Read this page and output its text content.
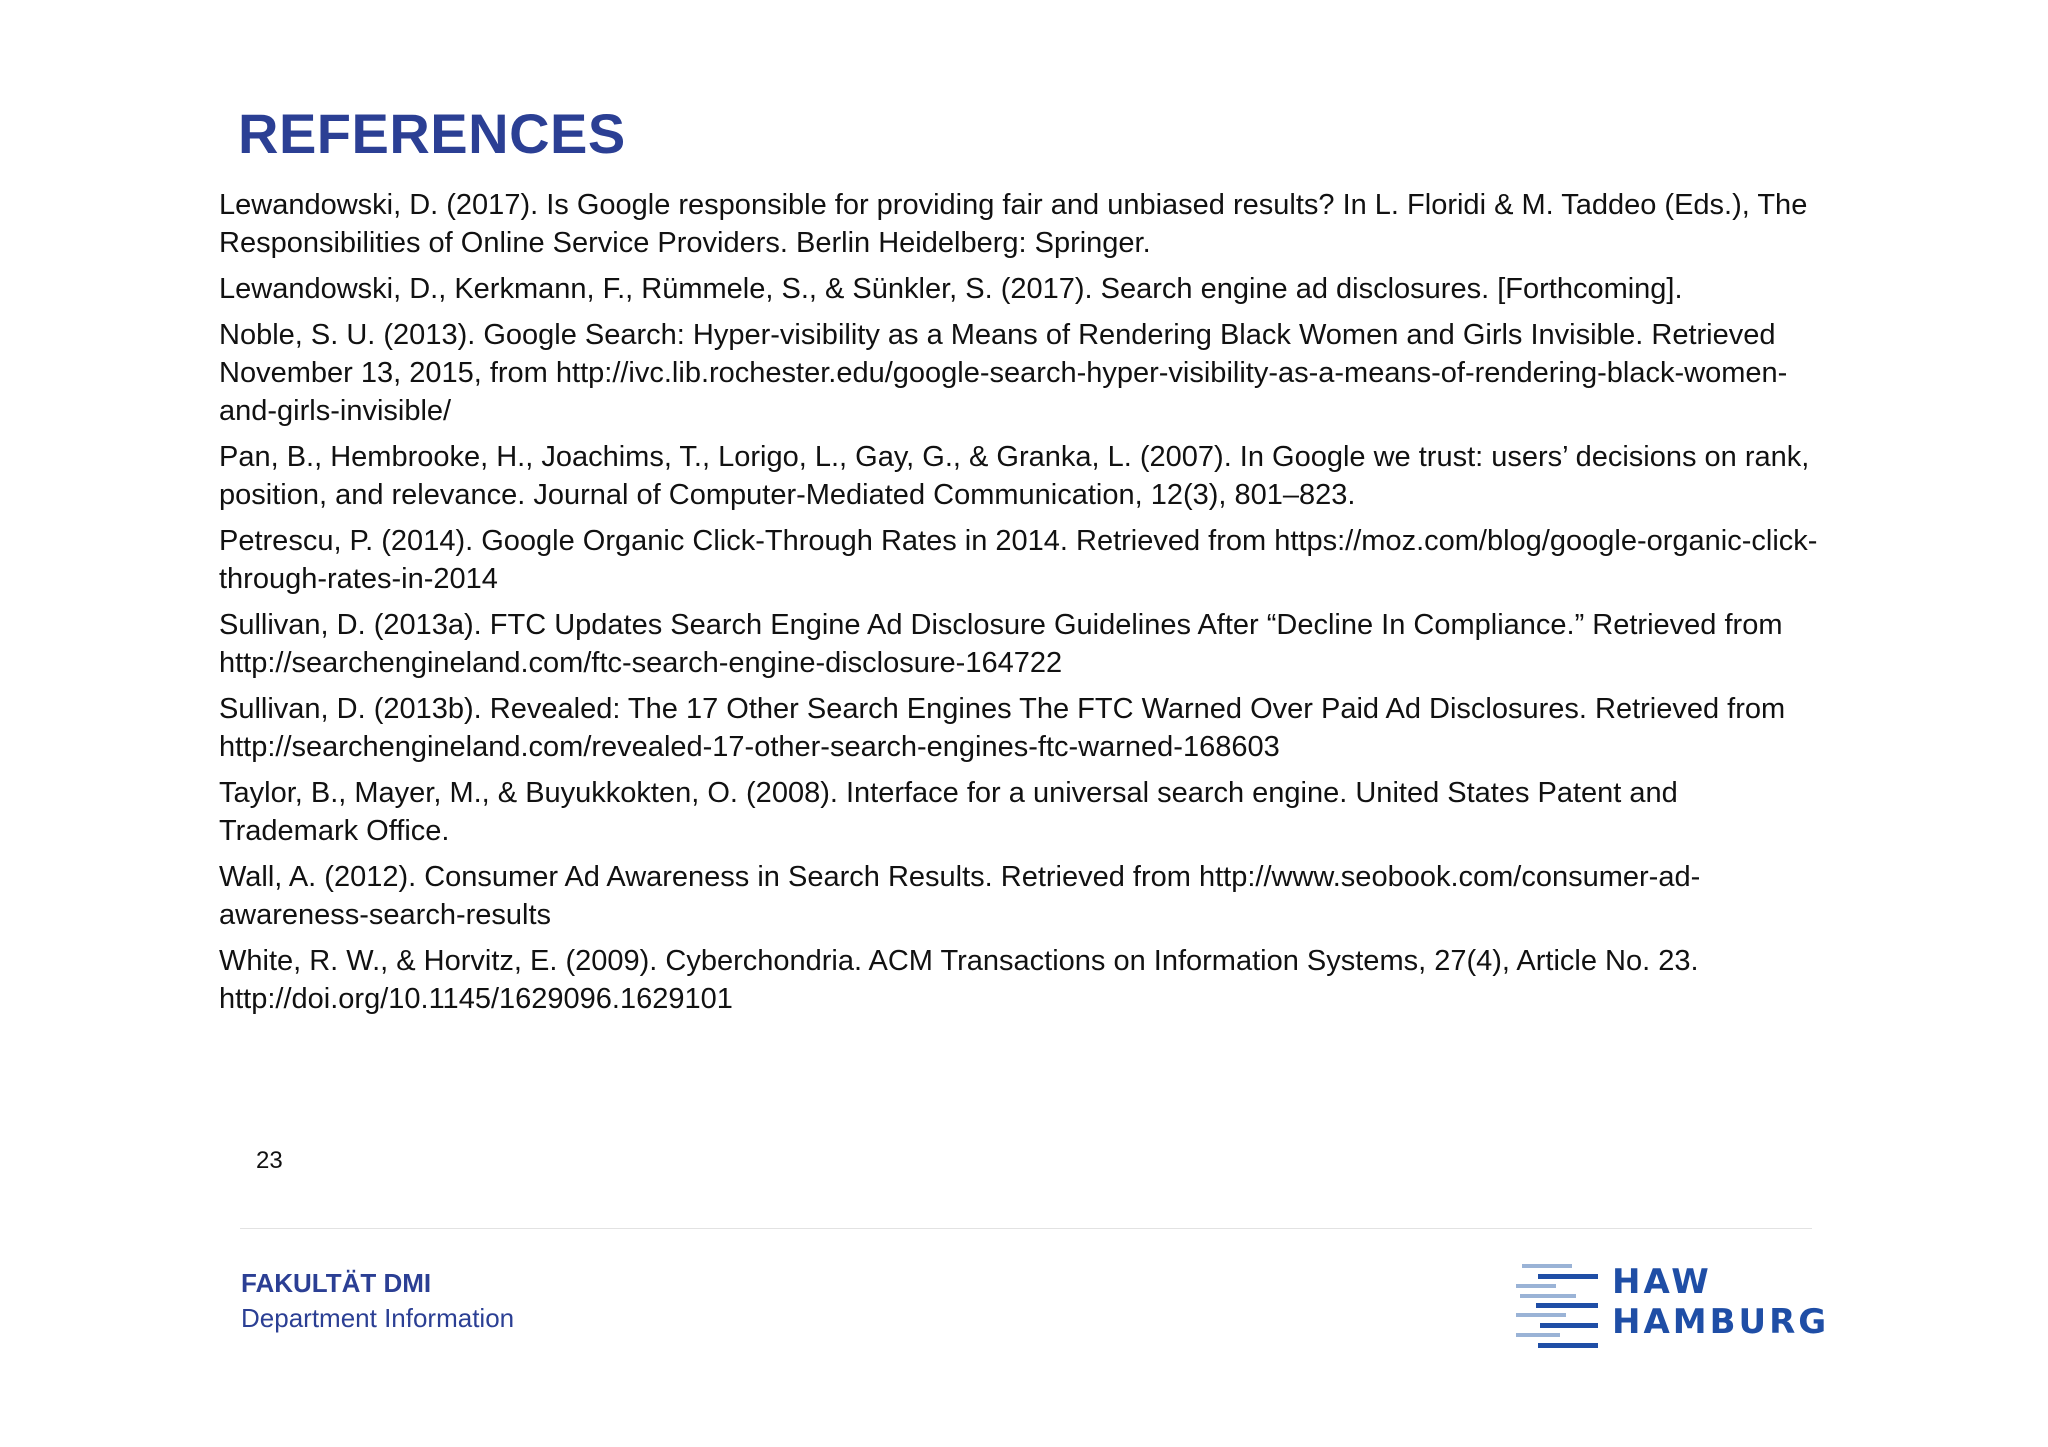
REFERENCES
Lewandowski, D. (2017). Is Google responsible for providing fair and unbiased results? In L. Floridi & M. Taddeo (Eds.), The Responsibilities of Online Service Providers. Berlin Heidelberg: Springer.
Lewandowski, D., Kerkmann, F., Rümmele, S., & Sünkler, S. (2017). Search engine ad disclosures. [Forthcoming].
Noble, S. U. (2013). Google Search: Hyper-visibility as a Means of Rendering Black Women and Girls Invisible. Retrieved November 13, 2015, from http://ivc.lib.rochester.edu/google-search-hyper-visibility-as-a-means-of-rendering-black-women-and-girls-invisible/
Pan, B., Hembrooke, H., Joachims, T., Lorigo, L., Gay, G., & Granka, L. (2007). In Google we trust: users’ decisions on rank, position, and relevance. Journal of Computer-Mediated Communication, 12(3), 801–823.
Petrescu, P. (2014). Google Organic Click-Through Rates in 2014. Retrieved from https://moz.com/blog/google-organic-click-through-rates-in-2014
Sullivan, D. (2013a). FTC Updates Search Engine Ad Disclosure Guidelines After “Decline In Compliance.” Retrieved from http://searchengineland.com/ftc-search-engine-disclosure-164722
Sullivan, D. (2013b). Revealed: The 17 Other Search Engines The FTC Warned Over Paid Ad Disclosures. Retrieved from http://searchengineland.com/revealed-17-other-search-engines-ftc-warned-168603
Taylor, B., Mayer, M., & Buyukkokten, O. (2008). Interface for a universal search engine. United States Patent and Trademark Office.
Wall, A. (2012). Consumer Ad Awareness in Search Results. Retrieved from http://www.seobook.com/consumer-ad-awareness-search-results
White, R. W., & Horvitz, E. (2009). Cyberchondria. ACM Transactions on Information Systems, 27(4), Article No. 23. http://doi.org/10.1145/1629096.1629101
23
FAKULTÄT DMI
Department Information
HAW
HAMBURG
